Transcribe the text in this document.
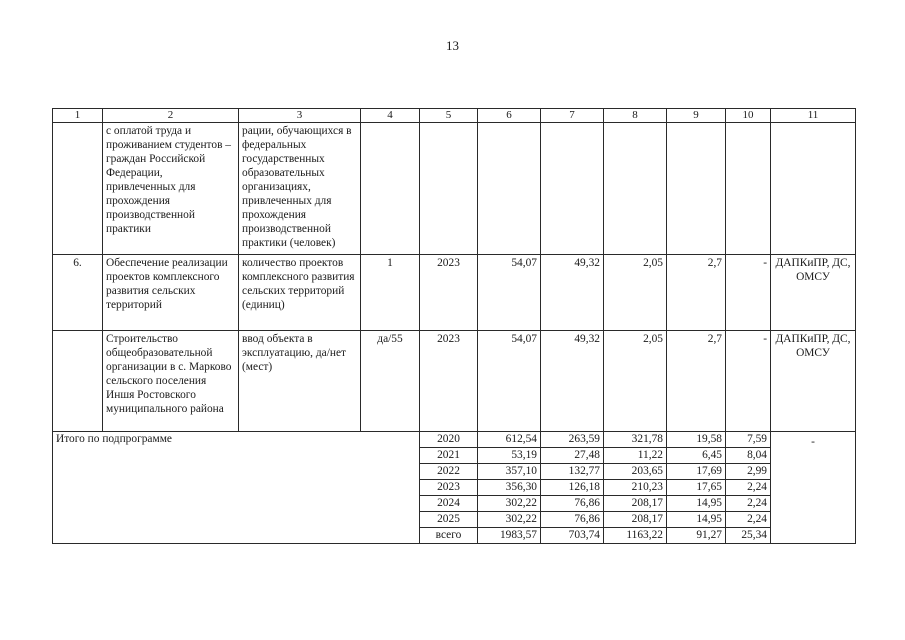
13
1	2	3	4	5	6	7	8	9	10	11
	с оплатой труда и проживанием студентов – граждан Российской Федерации, привлеченных для прохождения производственной практики	рации, обучающихся в федеральных государственных образовательных организациях, привлеченных для прохождения производственной практики (человек)								
6.	Обеспечение реализации проектов комплексного развития сельских территорий	количество проектов комплексного развития сельских территорий (единиц)	1	2023	54,07	49,32	2,05	2,7	-	ДАПКиПР, ДС, ОМСУ
	Строительство общеобразовательной организации в с. Марково сельского поселения Иншя Ростовского муниципального района	ввод объекта в эксплуатацию, да/нет (мест)	да/55	2023	54,07	49,32	2,05	2,7	-	ДАПКиПР, ДС, ОМСУ
Итого по подпрограмме				2020	612,54	263,59	321,78	19,58	7,59	-
				2021	53,19	27,48	11,22	6,45	8,04	
				2022	357,10	132,77	203,65	17,69	2,99	
				2023	356,30	126,18	210,23	17,65	2,24	
				2024	302,22	76,86	208,17	14,95	2,24	
				2025	302,22	76,86	208,17	14,95	2,24	
				всего	1983,57	703,74	1163,22	91,27	25,34	
